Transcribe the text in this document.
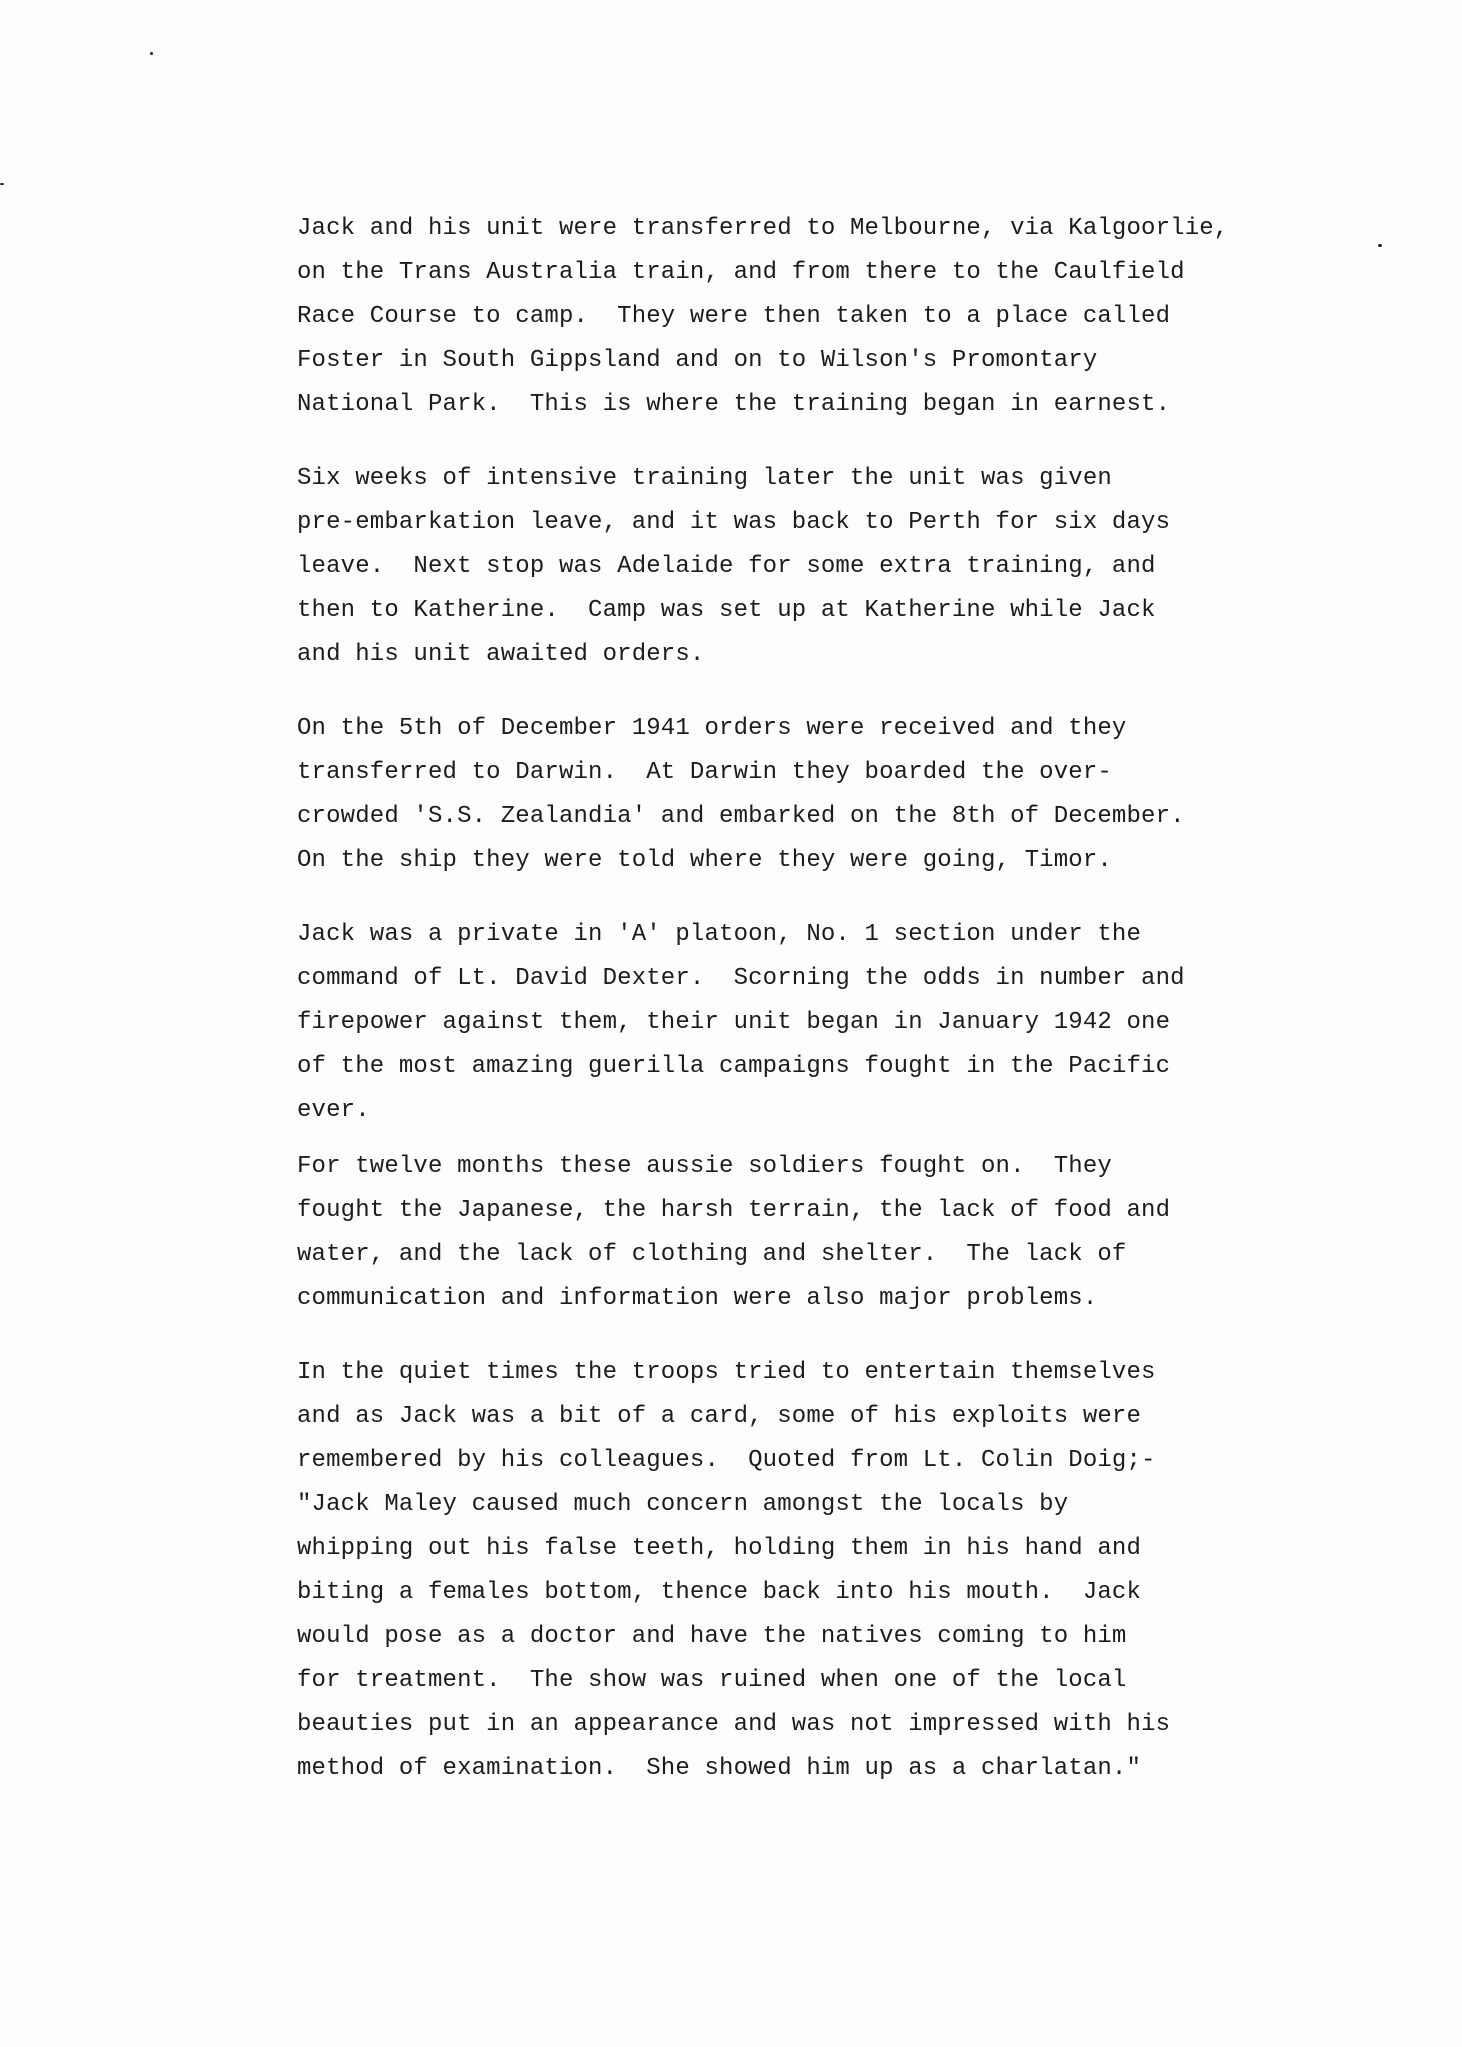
Jack and his unit were transferred to Melbourne, via Kalgoorlie,
on the Trans Australia train, and from there to the Caulfield
Race Course to camp.  They were then taken to a place called
Foster in South Gippsland and on to Wilson's Promontary
National Park.  This is where the training began in earnest.
Six weeks of intensive training later the unit was given
pre-embarkation leave, and it was back to Perth for six days
leave.  Next stop was Adelaide for some extra training, and
then to Katherine.  Camp was set up at Katherine while Jack
and his unit awaited orders.
On the 5th of December 1941 orders were received and they
transferred to Darwin.  At Darwin they boarded the over-
crowded 'S.S. Zealandia' and embarked on the 8th of December.
On the ship they were told where they were going, Timor.
Jack was a private in 'A' platoon, No. 1 section under the
command of Lt. David Dexter.  Scorning the odds in number and
firepower against them, their unit began in January 1942 one
of the most amazing guerilla campaigns fought in the Pacific
ever.
For twelve months these aussie soldiers fought on.  They
fought the Japanese, the harsh terrain, the lack of food and
water, and the lack of clothing and shelter.  The lack of
communication and information were also major problems.
In the quiet times the troops tried to entertain themselves
and as Jack was a bit of a card, some of his exploits were
remembered by his colleagues.  Quoted from Lt. Colin Doig;-
"Jack Maley caused much concern amongst the locals by
whipping out his false teeth, holding them in his hand and
biting a females bottom, thence back into his mouth.  Jack
would pose as a doctor and have the natives coming to him
for treatment.  The show was ruined when one of the local
beauties put in an appearance and was not impressed with his
method of examination.  She showed him up as a charlatan."
